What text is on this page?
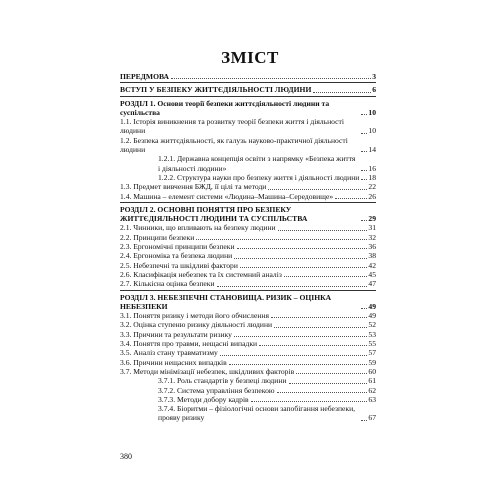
ЗМІСТ
ПЕРЕДМОВА	3
ВСТУП У БЕЗПЕКУ ЖИТТЄДІЯЛЬНОСТІ ЛЮДИНИ	6
РОЗДІЛ 1. Основи теорії безпеки життєдіяльності людини та суспільства	10
1.1. Історія виникнення та розвитку теорії безпеки життя і діяльності людини	10
1.2. Безпека життєдіяльності, як галузь науково-практичної діяльності людини	14
1.2.1. Державна концепція освіти з напрямку «Безпека життя і діяльності людини»	16
1.2.2. Структура науки про безпеку життя і діяльності людини 18
1.3. Предмет вивчення БЖД, її цілі та методи	22
1.4. Машина – елемент системи «Людина–Машина–Середовище»	26
РОЗДІЛ 2. ОСНОВНІ ПОНЯТТЯ ПРО БЕЗПЕКУ ЖИТТЄДІЯЛЬНОСТІ ЛЮДИНИ ТА СУСПІЛЬСТВА	29
2.1. Чинники, що впливають на безпеку людини	31
2.2. Принципи безпеки	32
2.3. Ергономічні принципи безпеки	36
2.4. Ергономіка та безпека людини	38
2.5. Небезпечні та шкідливі фактори	42
2.6. Класифікація небезпек та їх системний аналіз	45
2.7. Кількісна оцінка безпеки	47
РОЗДІЛ 3. НЕБЕЗПЕЧНІ СТАНОВИЩА. РИЗИК – ОЦІНКА НЕБЕЗПЕКИ	49
3.1. Поняття ризику і методи його обчислення	49
3.2. Оцінка ступеню ризику діяльності людини	52
3.3. Причини та результати ризику	53
3.4. Поняття про травми, нещасні випадки	55
3.5. Аналіз стану травматизму	57
3.6. Причини нещасних випадків	59
3.7. Методи мінімізації небезпек, шкідливих факторів	60
3.7.1. Роль стандартів у безпеці людини	61
3.7.2. Система управління безпекою	62
3.7.3. Методи добору кадрів	63
3.7.4. Біоритми – фізіологічні основи запобігання небезпеки, прояву ризику	67
380
